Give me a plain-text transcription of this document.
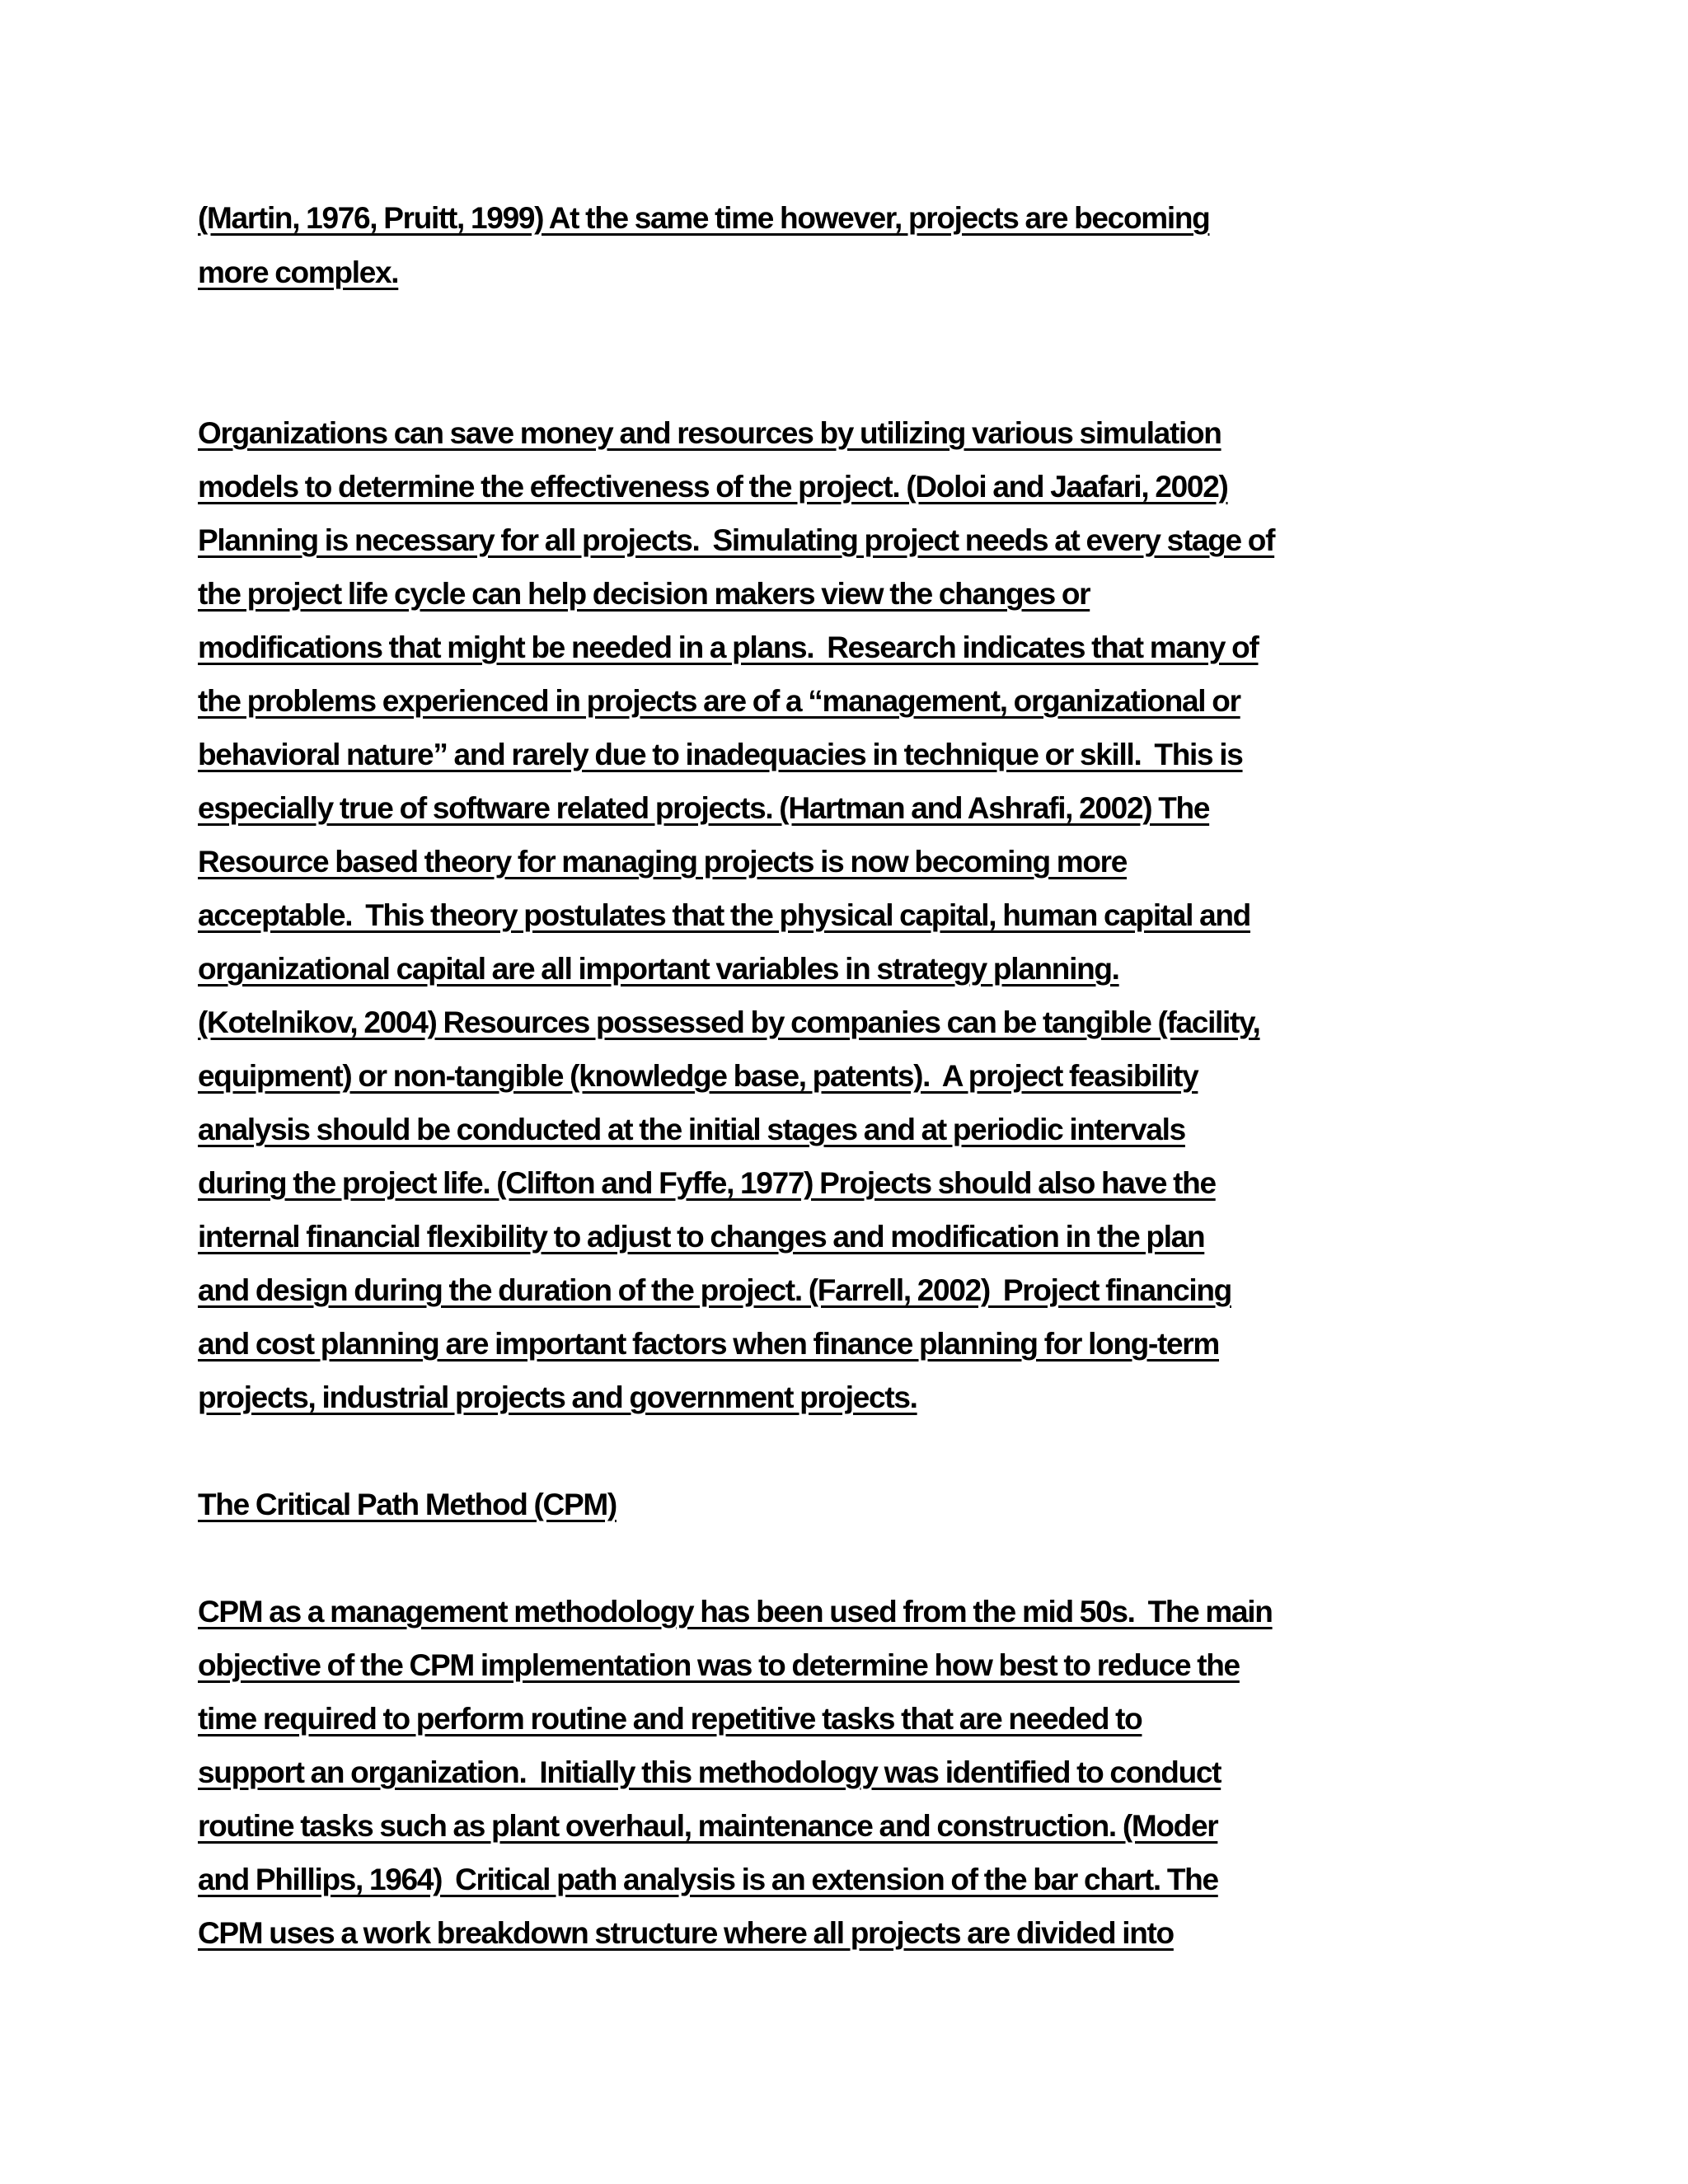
(Martin, 1976, Pruitt, 1999) At the same time however, projects are becoming

more complex.

Organizations can save money and resources by utilizing various simulation

models to determine the effectiveness of the project. (Doloi and Jaafari, 2002)

Planning is necessary for all projects.  Simulating project needs at every stage of

the project life cycle can help decision makers view the changes or

modifications that might be needed in a plans.  Research indicates that many of

the problems experienced in projects are of a “management, organizational or

behavioral nature” and rarely due to inadequacies in technique or skill.  This is

especially true of software related projects. (Hartman and Ashrafi, 2002) The

Resource based theory for managing projects is now becoming more

acceptable.  This theory postulates that the physical capital, human capital and

organizational capital are all important variables in strategy planning.

(Kotelnikov, 2004) Resources possessed by companies can be tangible (facility,

equipment) or non-tangible (knowledge base, patents).  A project feasibility

analysis should be conducted at the initial stages and at periodic intervals

during the project life. (Clifton and Fyffe, 1977) Projects should also have the

internal financial flexibility to adjust to changes and modification in the plan

and design during the duration of the project. (Farrell, 2002)  Project financing

and cost planning are important factors when finance planning for long-term

projects, industrial projects and government projects.

The Critical Path Method (CPM)

CPM as a management methodology has been used from the mid 50s.  The main

objective of the CPM implementation was to determine how best to reduce the

time required to perform routine and repetitive tasks that are needed to

support an organization.  Initially this methodology was identified to conduct

routine tasks such as plant overhaul, maintenance and construction. (Moder

and Phillips, 1964)  Critical path analysis is an extension of the bar chart. The

CPM uses a work breakdown structure where all projects are divided into
